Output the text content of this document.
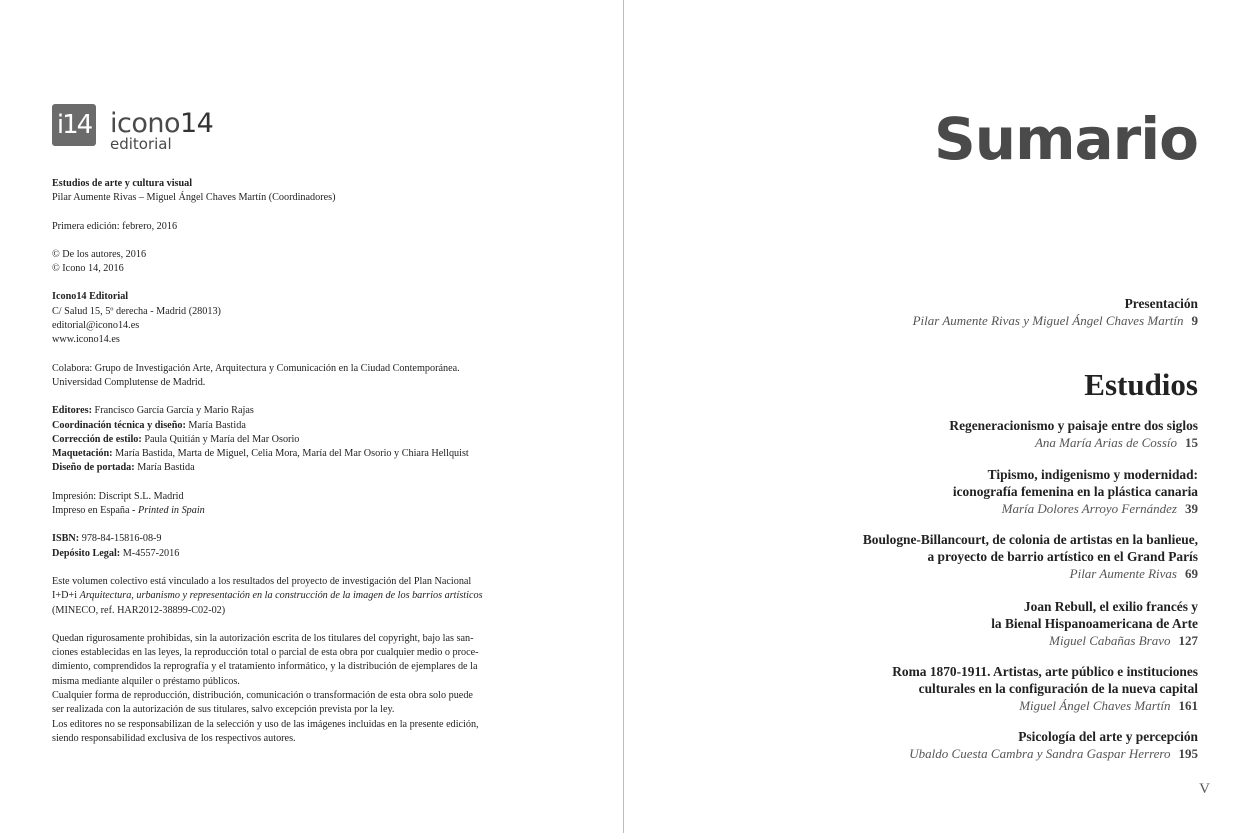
i14 icono14
editorial

Estudios de arte y cultura visual
Pilar Aumente Rivas – Miguel Ángel Chaves Martín (Coordinadores)

Primera edición: febrero, 2016

© De los autores, 2016
© Icono 14, 2016

Icono14 Editorial
C/ Salud 15, 5º derecha - Madrid (28013)
editorial@icono14.es
www.icono14.es

Colabora: Grupo de Investigación Arte, Arquitectura y Comunicación en la Ciudad Contemporánea.
Universidad Complutense de Madrid.

Editores: Francisco García García y Mario Rajas
Coordinación técnica y diseño: María Bastida
Corrección de estilo: Paula Quitián y María del Mar Osorio
Maquetación: María Bastida, Marta de Miguel, Celia Mora, María del Mar Osorio y Chiara Hellquist
Diseño de portada: María Bastida

Impresión: Discript S.L. Madrid
Impreso en España - Printed in Spain

ISBN: 978-84-15816-08-9
Depósito Legal: M-4557-2016

Este volumen colectivo está vinculado a los resultados del proyecto de investigación del Plan Nacional
I+D+i Arquitectura, urbanismo y representación en la construcción de la imagen de los barrios artísticos
(MINECO, ref. HAR2012-38899-C02-02)

Quedan rigurosamente prohibidas, sin la autorización escrita de los titulares del copyright, bajo las san-
ciones establecidas en las leyes, la reproducción total o parcial de esta obra por cualquier medio o proce-
dimiento, comprendidos la reprografía y el tratamiento informático, y la distribución de ejemplares de la
misma mediante alquiler o préstamo públicos.
Cualquier forma de reproducción, distribución, comunicación o transformación de esta obra solo puede
ser realizada con la autorización de sus titulares, salvo excepción prevista por la ley.
Los editores no se responsabilizan de la selección y uso de las imágenes incluidas en la presente edición,
siendo responsabilidad exclusiva de los respectivos autores.

Sumario
Presentación
Pilar Aumente Rivas y Miguel Ángel Chaves Martín 9
Estudios
Regeneracionismo y paisaje entre dos siglos
Ana María Arias de Cossío 15
Tipismo, indigenismo y modernidad:
iconografía femenina en la plástica canaria
María Dolores Arroyo Fernández 39
Boulogne-Billancourt, de colonia de artistas en la banlieue,
a proyecto de barrio artístico en el Grand París
Pilar Aumente Rivas 69
Joan Rebull, el exilio francés y
la Bienal Hispanoamericana de Arte
Miguel Cabañas Bravo 127
Roma 1870-1911. Artistas, arte público e instituciones
culturales en la configuración de la nueva capital
Miguel Ángel Chaves Martín 161
Psicología del arte y percepción
Ubaldo Cuesta Cambra y Sandra Gaspar Herrero 195
V
